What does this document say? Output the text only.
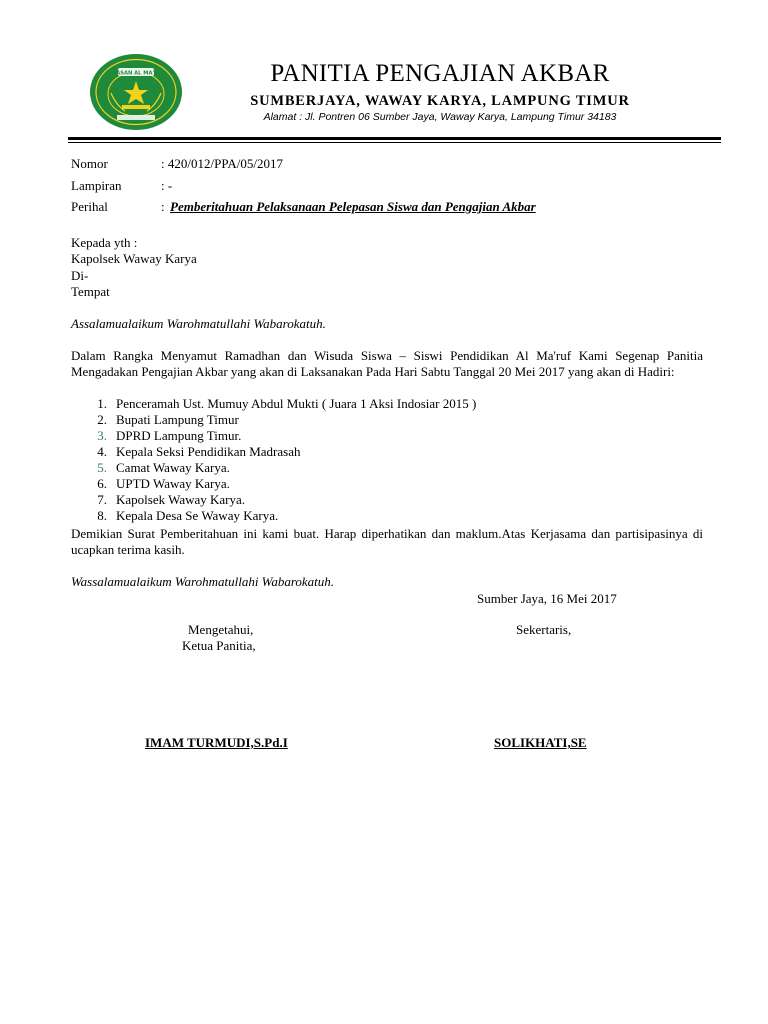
YAYASAN AL MA'RUF	PANITIA PENGAJIAN AKBAR
SUMBERJAYA, WAWAY KARYA, LAMPUNG TIMUR
Alamat : Jl. Pontren 06 Sumber Jaya, Waway Karya, Lampung Timur 34183
Nomor	: 420/012/PPA/05/2017
Lampiran	: -
Perihal	: Pemberitahuan Pelaksanaan Pelepasan Siswa dan Pengajian Akbar
Kepada yth :
Kapolsek Waway Karya
Di-
Tempat
Assalamualaikum Warohmatullahi Wabarokatuh.
Dalam Rangka Menyamut Ramadhan dan Wisuda Siswa – Siswi Pendidikan Al Ma'ruf Kami Segenap Panitia Mengadakan Pengajian Akbar yang akan di Laksanakan Pada Hari Sabtu Tanggal 20 Mei 2017 yang akan di Hadiri:
1. Penceramah Ust. Mumuy Abdul Mukti ( Juara 1 Aksi Indosiar 2015 )
2. Bupati Lampung Timur
3. DPRD Lampung Timur.
4. Kepala Seksi Pendidikan Madrasah
5. Camat Waway Karya.
6. UPTD Waway Karya.
7. Kapolsek Waway Karya.
8. Kepala Desa Se Waway Karya.
Demikian Surat Pemberitahuan ini kami buat. Harap diperhatikan dan maklum.Atas Kerjasama dan partisipasinya di ucapkan terima kasih.
Wassalamualaikum Warohmatullahi Wabarokatuh.
Sumber Jaya, 16 Mei 2017
Mengetahui,
Ketua Panitia,
Sekertaris,
IMAM TURMUDI,S.Pd.I	SOLIKHATI,SE
